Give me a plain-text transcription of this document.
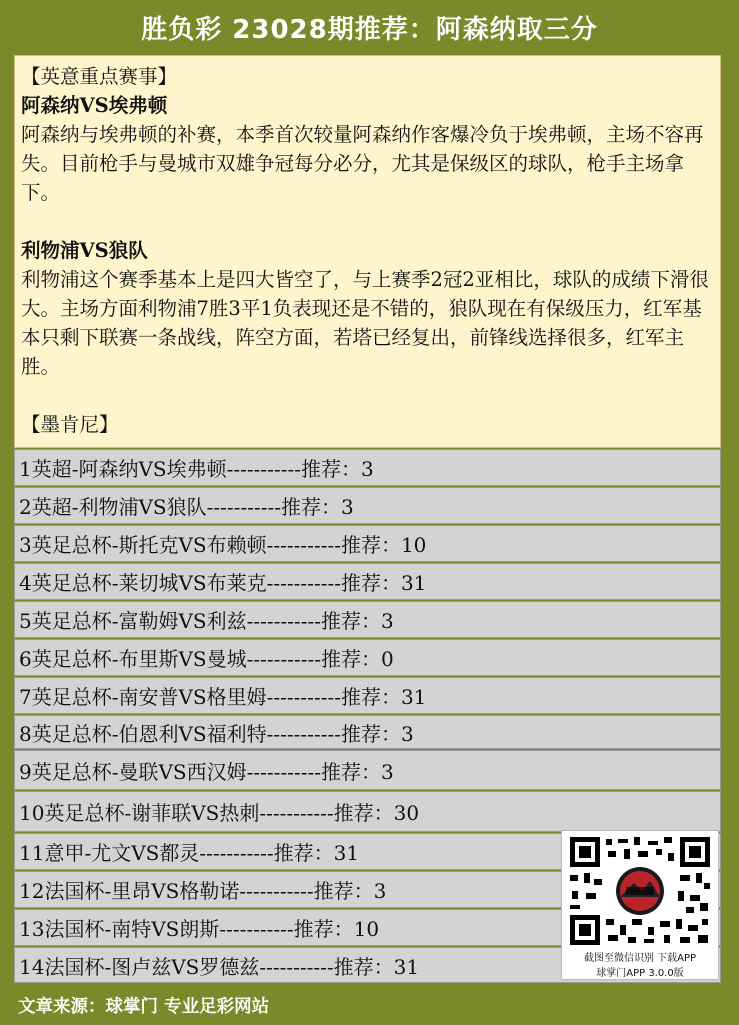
胜负彩 23028期推荐：阿森纳取三分

【英意重点赛事】

阿森纳VS埃弗顿

阿森纳与埃弗顿的补赛，本季首次较量阿森纳作客爆冷负于埃弗顿，主场不容再失。目前枪手与曼城市双雄争冠每分必分，尤其是保级区的球队，枪手主场拿下。

利物浦VS狼队

利物浦这个赛季基本上是四大皆空了，与上赛季2冠2亚相比，球队的成绩下滑很大。主场方面利物浦7胜3平1负表现还是不错的，狼队现在有保级压力，红军基本只剩下联赛一条战线，阵空方面，若塔已经复出，前锋线选择很多，红军主胜。

【墨肯尼】

1英超-阿森纳VS埃弗顿-----------推荐：3
2英超-利物浦VS狼队-----------推荐：3
3英足总杯-斯托克VS布赖顿-----------推荐：10
4英足总杯-莱切城VS布莱克-----------推荐：31
5英足总杯-富勒姆VS利兹-----------推荐：3
6英足总杯-布里斯VS曼城-----------推荐：0
7英足总杯-南安普VS格里姆-----------推荐：31
8英足总杯-伯恩利VS福利特-----------推荐：3
9英足总杯-曼联VS西汉姆-----------推荐：3
10英足总杯-谢菲联VS热刺-----------推荐：30
11意甲-尤文VS都灵-----------推荐：31
12法国杯-里昂VS格勒诺-----------推荐：3
13法国杯-南特VS朗斯-----------推荐：10
14法国杯-图卢兹VS罗德兹-----------推荐：31	截图至微信识别 下载APP
球掌门APP 3.0.0版
文章来源：球掌门 专业足彩网站
